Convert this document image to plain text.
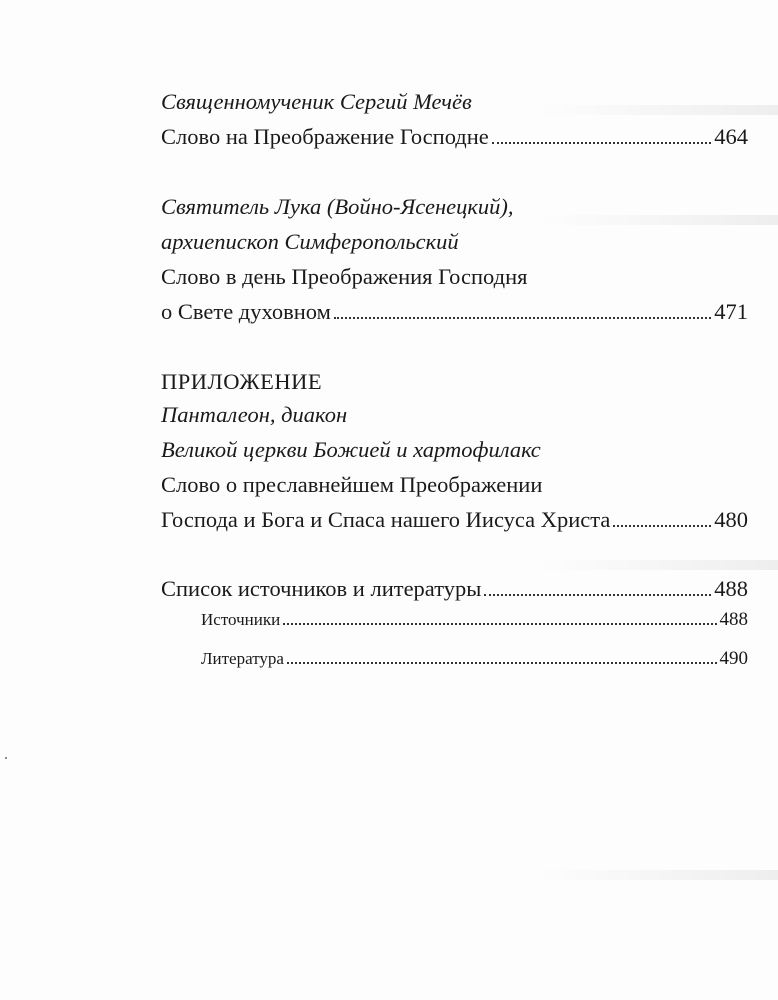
Священномученик Сергий Мечёв
Слово на Преображение Господне	464
Святитель Лука (Войно-Ясенецкий),
архиепископ Симферопольский
Слово в день Преображения Господня
о Свете духовном	471
ПРИЛОЖЕНИЕ
Панталеон, диакон
Великой церкви Божией и хартофилакс
Слово о преславнейшем Преображении
Господа и Бога и Спаса нашего Иисуса Христа	480
Список источников и литературы	488
Источники	488
Литература	490
